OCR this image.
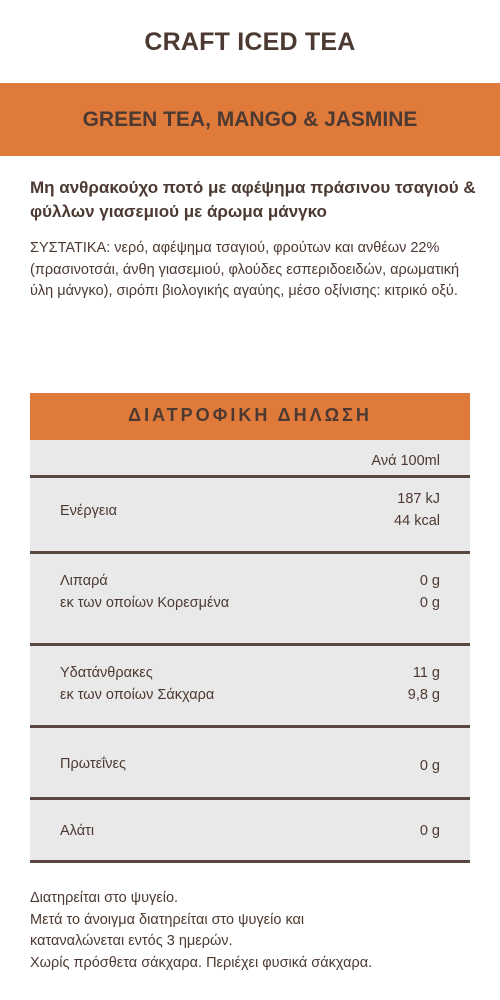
CRAFT ICED TEA
GREEN TEA, MANGO & JASMINE
Μη ανθρακούχο ποτό με αφέψημα πράσινου τσαγιού & φύλλων γιασεμιού με άρωμα μάνγκο
ΣΥΣΤΑΤΙΚΑ: νερό, αφέψημα τσαγιού, φρούτων και ανθέων 22% (πρασινοτσάι, άνθη γιασεμιού, φλούδες εσπεριδοειδών, αρωματική ύλη μάνγκο), σιρόπι βιολογικής αγαύης, μέσο οξίνισης: κιτρικό οξύ.
ΔΙΑΤΡΟΦΙΚΗ ΔΗΛΩΣΗ
Ανά 100ml
Ενέργεια
187 kJ
44 kcal
Λιπαρά
εκ των οποίων Κορεσμένα
0 g
0 g
Υδατάνθρακες
εκ των οποίων Σάκχαρα
11 g
9,8 g
Πρωτεΐνες	0 g
Αλάτι	0 g
Διατηρείται στο ψυγείο.
Μετά το άνοιγμα διατηρείται στο ψυγείο και
καταναλώνεται εντός 3 ημερών.
Χωρίς πρόσθετα σάκχαρα. Περιέχει φυσικά σάκχαρα.
